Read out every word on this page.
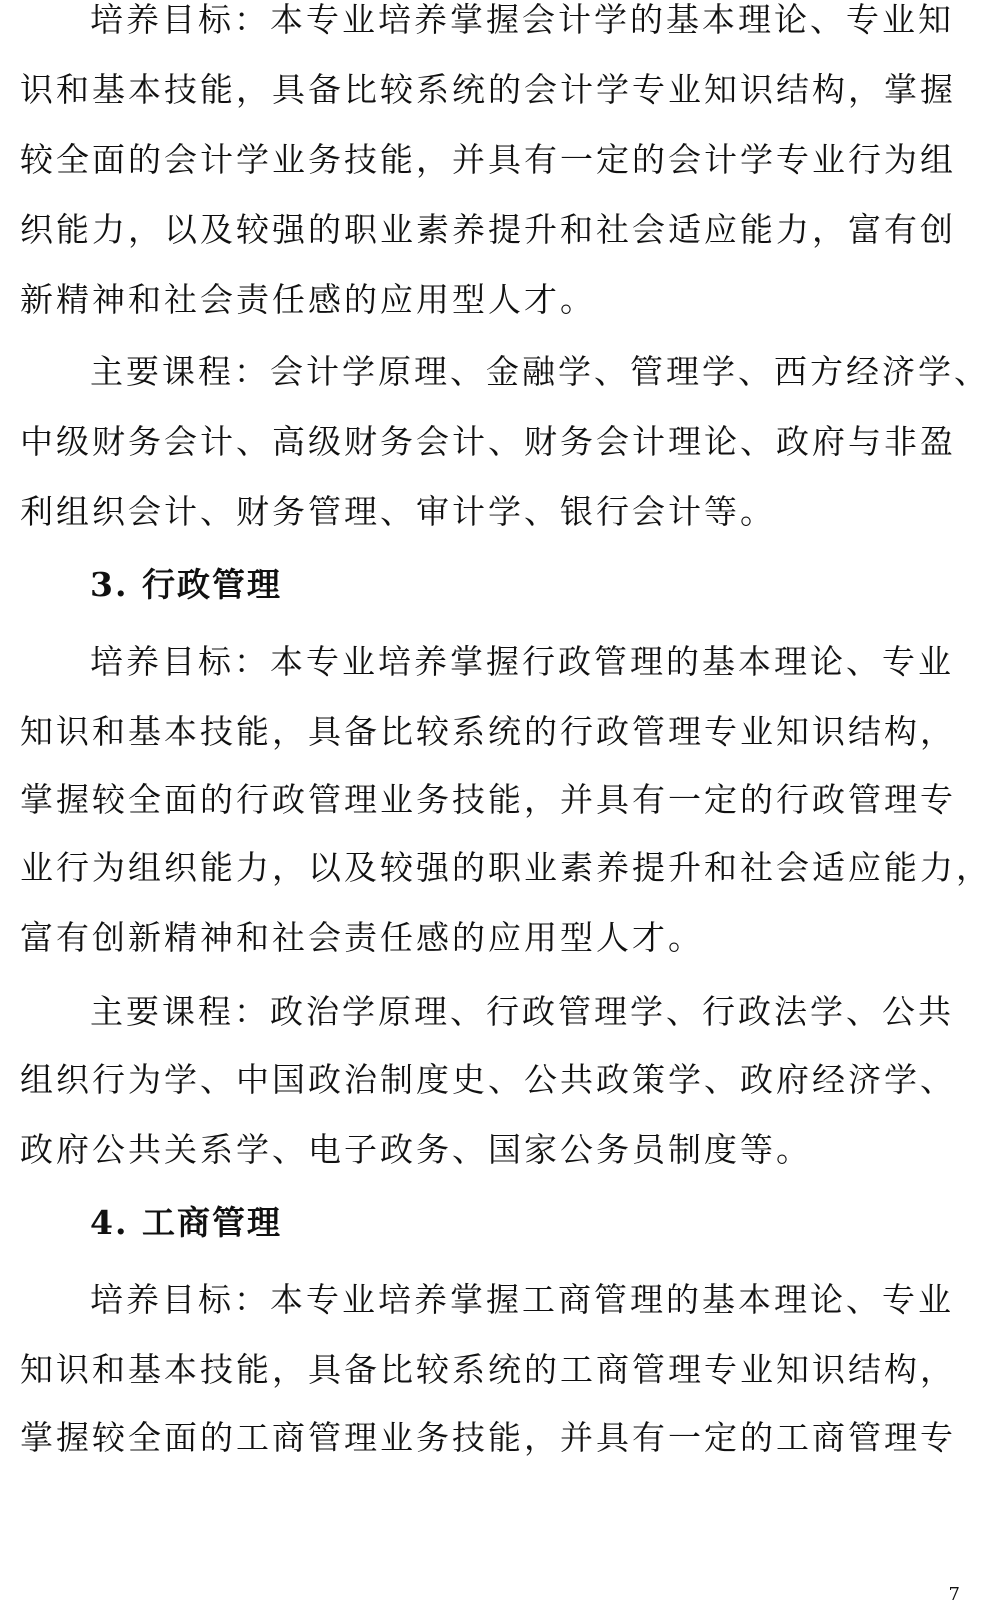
培养目标：本专业培养掌握会计学的基本理论、专业知
识和基本技能，具备比较系统的会计学专业知识结构，掌握
较全面的会计学业务技能，并具有一定的会计学专业行为组
织能力，以及较强的职业素养提升和社会适应能力，富有创
新精神和社会责任感的应用型人才。
主要课程：会计学原理、金融学、管理学、西方经济学、
中级财务会计、高级财务会计、财务会计理论、政府与非盈
利组织会计、财务管理、审计学、银行会计等。
3. 行政管理
培养目标：本专业培养掌握行政管理的基本理论、专业
知识和基本技能，具备比较系统的行政管理专业知识结构，
掌握较全面的行政管理业务技能，并具有一定的行政管理专
业行为组织能力，以及较强的职业素养提升和社会适应能力，
富有创新精神和社会责任感的应用型人才。
主要课程：政治学原理、行政管理学、行政法学、公共
组织行为学、中国政治制度史、公共政策学、政府经济学、
政府公共关系学、电子政务、国家公务员制度等。
4. 工商管理
培养目标：本专业培养掌握工商管理的基本理论、专业
知识和基本技能，具备比较系统的工商管理专业知识结构，
掌握较全面的工商管理业务技能，并具有一定的工商管理专
7
